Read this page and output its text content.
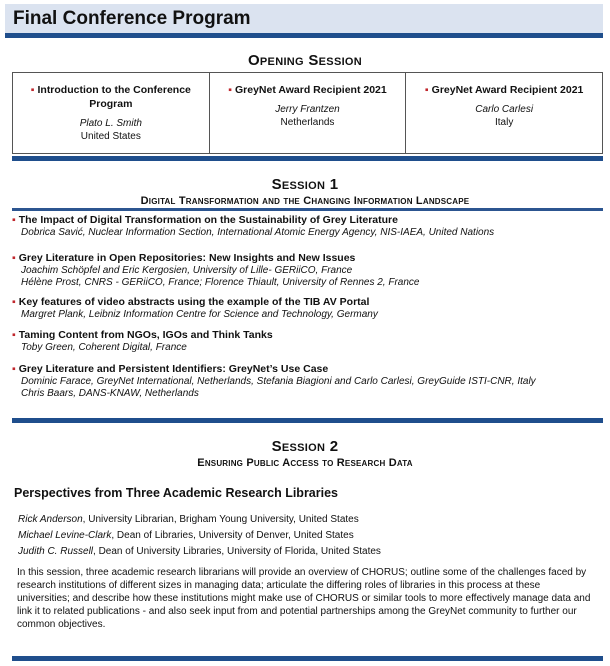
Final Conference Program
Opening Session
▪ Introduction to the Conference Program
Plato L. Smith
United States

▪ GreyNet Award Recipient 2021
Jerry Frantzen
Netherlands

▪ GreyNet Award Recipient 2021
Carlo Carlesi
Italy
Session 1
Digital Transformation and the Changing Information Landscape
▪ The Impact of Digital Transformation on the Sustainability of Grey Literature
Dobrica Savić, Nuclear Information Section, International Atomic Energy Agency, NIS-IAEA, United Nations
▪ Grey Literature in Open Repositories: New Insights and New Issues
Joachim Schöpfel and Eric Kergosien, University of Lille- GERiiCO, France
Hélène Prost, CNRS - GERiiCO, France; Florence Thiault, University of Rennes 2, France
▪ Key features of video abstracts using the example of the TIB AV Portal
Margret Plank, Leibniz Information Centre for Science and Technology, Germany
▪ Taming Content from NGOs, IGOs and Think Tanks
Toby Green, Coherent Digital, France
▪ Grey Literature and Persistent Identifiers: GreyNet’s Use Case
Dominic Farace, GreyNet International, Netherlands, Stefania Biagioni and Carlo Carlesi, GreyGuide ISTI-CNR, Italy
Chris Baars, DANS-KNAW, Netherlands
Session 2
Ensuring Public Access to Research Data
Perspectives from Three Academic Research Libraries
Rick Anderson, University Librarian, Brigham Young University, United States
Michael Levine-Clark, Dean of Libraries, University of Denver, United States
Judith C. Russell, Dean of University Libraries, University of Florida, United States
In this session, three academic research librarians will provide an overview of CHORUS; outline some of the challenges faced by research institutions of different sizes in managing data; articulate the differing roles of libraries in this process at these universities; and describe how these institutions might make use of CHORUS or similar tools to more effectively manage data and link it to related publications - and also seek input from and potential partnerships among the GreyNet community to further our common objectives.
